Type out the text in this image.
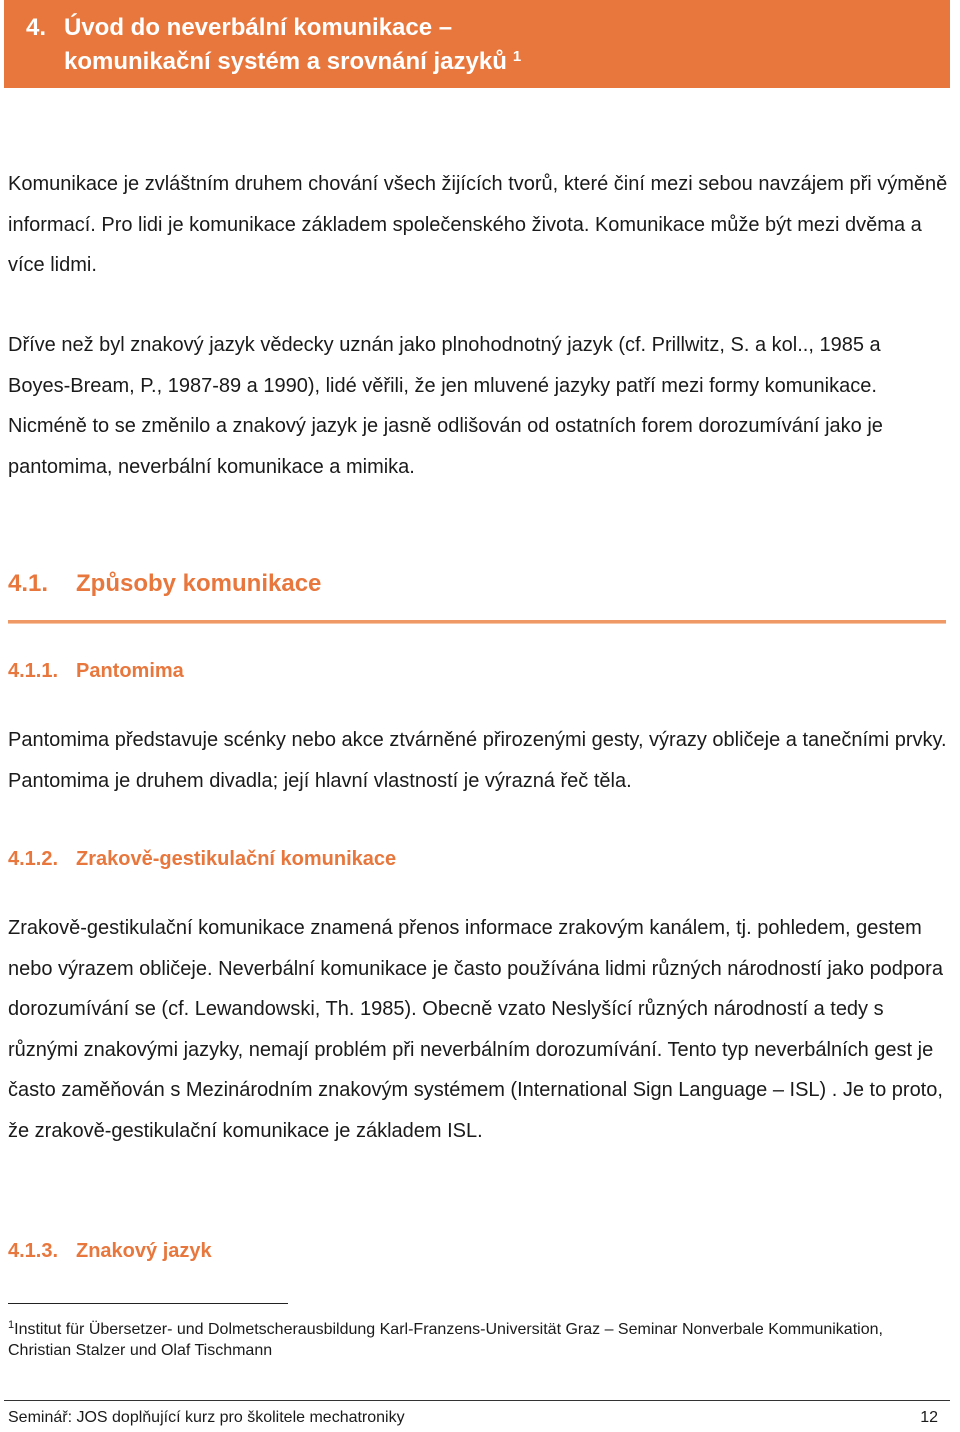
4. Úvod do neverbální komunikace –
komunikační systém a srovnání jazyků $^1$
Komunikace je zvláštním druhem chování všech žijících tvorů, které činí mezi sebou navzájem při výměně informací. Pro lidi je komunikace základem společenského života. Komunikace může být mezi dvěma a více lidmi.
Dříve než byl znakový jazyk vědecky uznán jako plnohodnotný jazyk (cf. Prillwitz, S. a kol.., 1985 a Boyes-Bream, P., 1987-89 a 1990), lidé věřili, že jen mluvené jazyky patří mezi formy komunikace. Nicméně to se změnilo a znakový jazyk je jasně odlišován od ostatních forem dorozumívání jako je pantomima, neverbální komunikace a mimika.
4.1. Způsoby komunikace
4.1.1. Pantomima
Pantomima představuje scénky nebo akce ztvárněné přirozenými gesty, výrazy obličeje a tanečními prvky. Pantomima je druhem divadla; její hlavní vlastností je výrazná řeč těla.
4.1.2. Zrakově-gestikulační komunikace
Zrakově-gestikulační komunikace znamená přenos informace zrakovým kanálem, tj. pohledem, gestem nebo výrazem obličeje. Neverbální komunikace je často používána lidmi různých národností jako podpora dorozumívání se (cf. Lewandowski, Th. 1985). Obecně vzato Neslyšící různých národností a tedy s různými znakovými jazyky, nemají problém při neverbálním dorozumívání. Tento typ neverbálních gest je často zaměňován s Mezinárodním znakovým systémem (International Sign Language – ISL) . Je to proto, že zrakově-gestikulační komunikace je základem ISL.
4.1.3. Znakový jazyk
$^1$Institut für Übersetzer- und Dolmetscherausbildung Karl-Franzens-Universität Graz – Seminar Nonverbale Kommunikation, Christian Stalzer und Olaf Tischmann
Seminář: JOS doplňující kurz pro školitele mechatroniky	12
